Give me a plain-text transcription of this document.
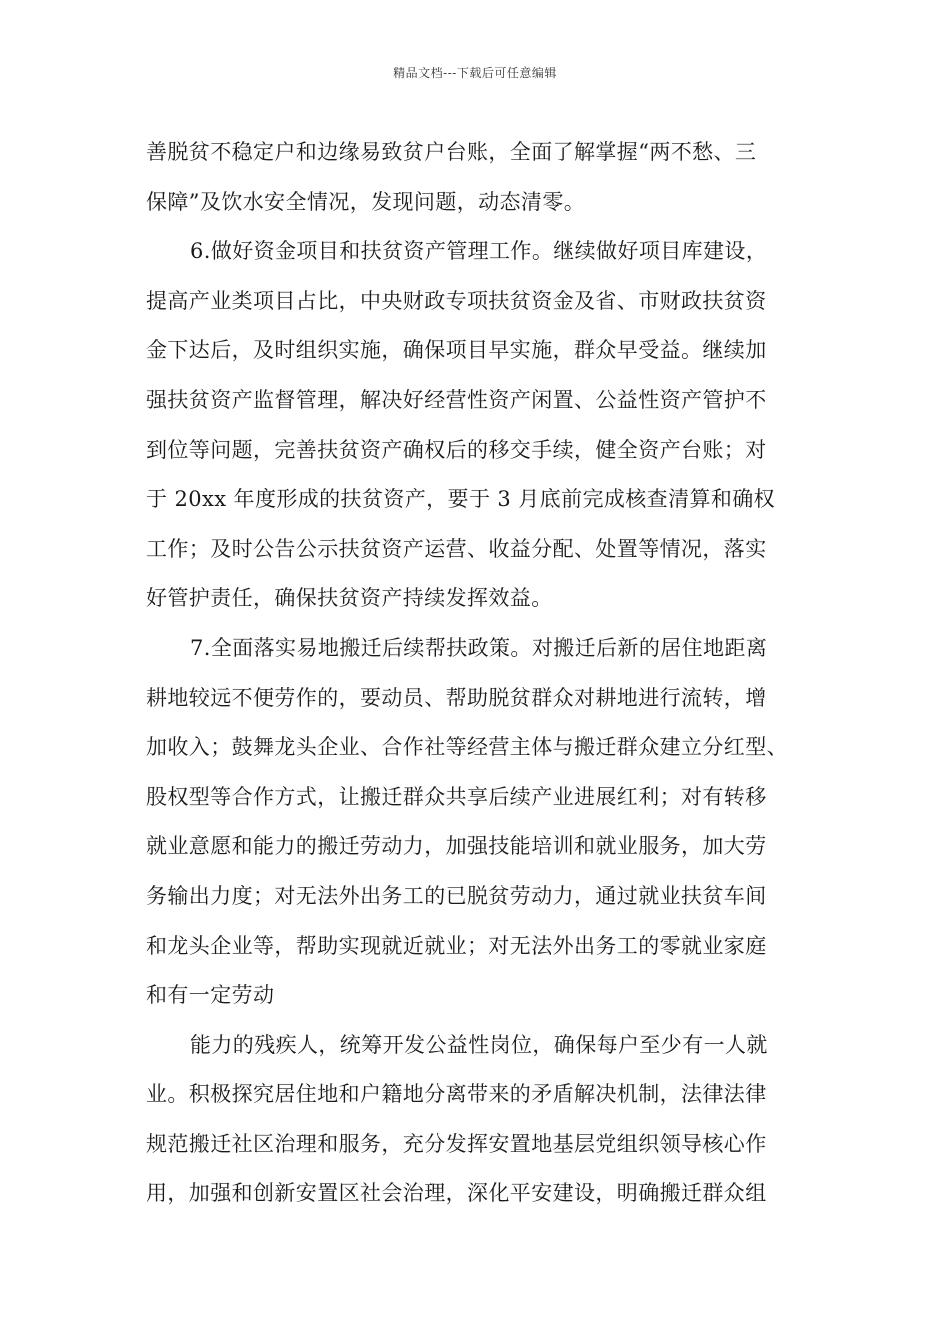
精品文档---下载后可任意编辑
善脱贫不稳定户和边缘易致贫户台账，全面了解掌握“两不愁、三
保障”及饮水安全情况，发现问题，动态清零。
6.做好资金项目和扶贫资产管理工作。继续做好项目库建设，
提高产业类项目占比，中央财政专项扶贫资金及省、市财政扶贫资
金下达后，及时组织实施，确保项目早实施，群众早受益。继续加
强扶贫资产监督管理，解决好经营性资产闲置、公益性资产管护不
到位等问题，完善扶贫资产确权后的移交手续，健全资产台账；对
于 20xx 年度形成的扶贫资产，要于 3 月底前完成核查清算和确权
工作；及时公告公示扶贫资产运营、收益分配、处置等情况，落实
好管护责任，确保扶贫资产持续发挥效益。
7.全面落实易地搬迁后续帮扶政策。对搬迁后新的居住地距离
耕地较远不便劳作的，要动员、帮助脱贫群众对耕地进行流转，增
加收入；鼓舞龙头企业、合作社等经营主体与搬迁群众建立分红型、
股权型等合作方式，让搬迁群众共享后续产业进展红利；对有转移
就业意愿和能力的搬迁劳动力，加强技能培训和就业服务，加大劳
务输出力度；对无法外出务工的已脱贫劳动力，通过就业扶贫车间
和龙头企业等，帮助实现就近就业；对无法外出务工的零就业家庭
和有一定劳动
能力的残疾人，统筹开发公益性岗位，确保每户至少有一人就
业。积极探究居住地和户籍地分离带来的矛盾解决机制，法律法律
规范搬迁社区治理和服务，充分发挥安置地基层党组织领导核心作
用，加强和创新安置区社会治理，深化平安建设，明确搬迁群众组
